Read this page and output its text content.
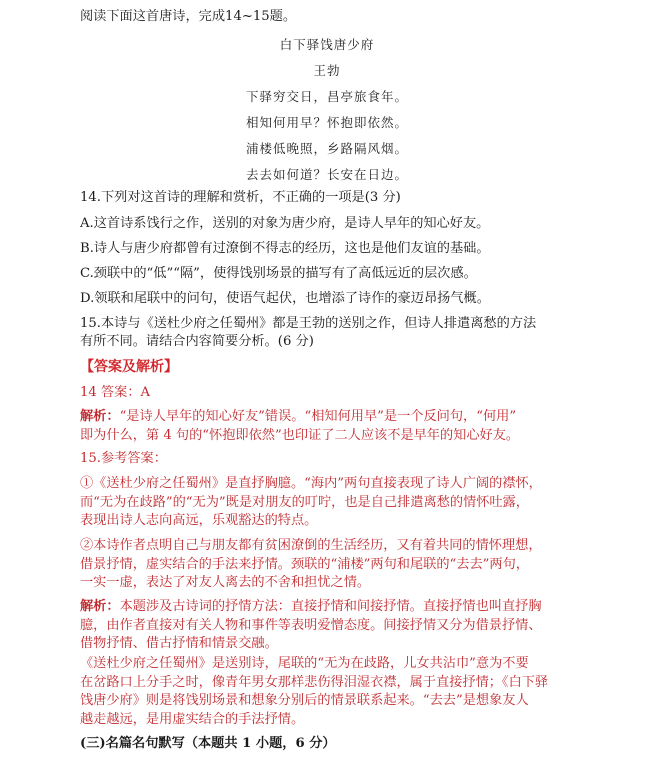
阅读下面这首唐诗，完成14~15题。
白下驿饯唐少府
王勃
下驿穷交日，昌亭旅食年。
相知何用早？怀抱即依然。
浦楼低晚照，乡路隔风烟。
去去如何道？长安在日边。
14.下列对这首诗的理解和赏析，不正确的一项是(3 分)
A.这首诗系饯行之作，送别的对象为唐少府，是诗人早年的知心好友。
B.诗人与唐少府都曾有过潦倒不得志的经历，这也是他们友谊的基础。
C.颈联中的“低”“隔”，使得饯别场景的描写有了高低远近的层次感。
D.领联和尾联中的问句，使语气起伏，也增添了诗作的豪迈昂扬气概。
15.本诗与《送杜少府之任蜀州》都是王勃的送别之作，但诗人排遣离愁的方法
有所不同。请结合内容简要分析。(6 分)
【答案及解析】
14 答案：A
解析：“是诗人早年的知心好友”错误。“相知何用早”是一个反问句，“何用”
即为什么，第 4 句的“怀抱即依然”也印证了二人应该不是早年的知心好友。
15.参考答案：
①《送杜少府之任蜀州》是直抒胸臆。“海内”两句直接表现了诗人广阔的襟怀，
而“无为在歧路”的“无为”既是对朋友的叮咛，也是自己排遣离愁的情怀吐露，
表现出诗人志向高远，乐观豁达的特点。
②本诗作者点明自己与朋友都有贫困潦倒的生活经历，又有着共同的情怀理想，
借景抒情，虚实结合的手法来抒情。颈联的“浦楼”两句和尾联的“去去”两句，
一实一虚，表达了对友人离去的不舍和担忧之情。
解析：本题涉及古诗词的抒情方法：直接抒情和间接抒情。直接抒情也叫直抒胸
臆，由作者直接对有关人物和事件等表明爱憎态度。间接抒情又分为借景抒情、
借物抒情、借古抒情和情景交融。
《送杜少府之任蜀州》是送别诗，尾联的“无为在歧路，儿女共沾巾”意为不要
在岔路口上分手之时，像青年男女那样悲伤得泪湿衣襟，属于直接抒情；《白下驿
饯唐少府》则是将饯别场景和想象分别后的情景联系起来。“去去”是想象友人
越走越远，是用虚实结合的手法抒情。
(三)名篇名句默写（本题共 1 小题，6 分）
